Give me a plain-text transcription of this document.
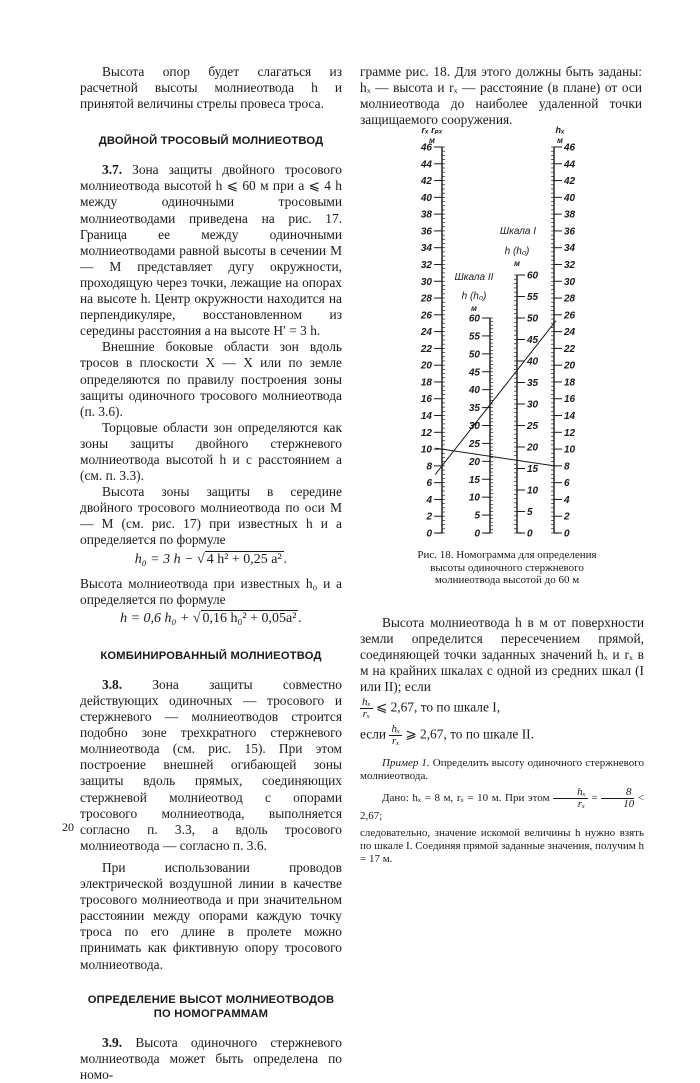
Высота опор будет слагаться из расчетной высоты молниеотвода h и принятой величины стрелы провеса троса.

ДВОЙНОЙ ТРОСОВЫЙ МОЛНИЕОТВОД

3.7. Зона защиты двойного тросового молниеотвода высотой h ⩽ 60 м при a ⩽ 4 h между одиночными тросовыми молниеотводами приведена на рис. 17. Граница ее между одиночными молниеотводами равной высоты в сечении M — M представляет дугу окружности, проходящую через точки, лежащие на опорах на высоте h. Центр окружности находится на перпендикуляре, восстановленном из середины расстояния a на высоте H′ = 3 h.

Внешние боковые области зон вдоль тросов в плоскости X — X или по земле определяются по правилу построения зоны защиты одиночного тросового молниеотвода (п. 3.6).

Торцовые области зон определяются как зоны защиты двойного стержневого молниеотвода высотой h и с расстоянием a (см. п. 3.3).

Высота зоны защиты в середине двойного тросового молниеотвода по оси M — M (см. рис. 17) при известных h и a определяется по формуле

h₀ = 3 h − √ 4 h² + 0,25 a² .

Высота молниеотвода при известных h₀ и a определяется по формуле

h = 0,6 h₀ + √ 0,16 h₀² + 0,05a² .
КОМБИНИРОВАННЫЙ МОЛНИЕОТВОД

3.8. Зона защиты совместно действующих одиночных — тросового и стержневого — молниеотводов строится подобно зоне трехкратного стержневого молниеотвода (см. рис. 15). При этом построение внешней огибающей зоны защиты вдоль прямых, соединяющих стержневой молниеотвод с опорами тросового молниеотвода, выполняется согласно п. 3.3, а вдоль тросового молниеотвода — согласно п. 3.6.

При использовании проводов электрической воздушной линии в качестве тросового молниеотвода и при значительном расстоянии между опорами каждую точку троса по его длине в пролете можно принимать как фиктивную опору тросового молниеотвода.

ОПРЕДЕЛЕНИЕ ВЫСОТ МОЛНИЕОТВОДОВ
ПО НОМОГРАММАМ

3.9. Высота одиночного стержневого молниеотвода может быть определена по номо-

20

грамме рис. 18. Для этого должны быть заданы: hₓ — высота и rₓ — расстояние (в плане) от оси молниеотвода до наиболее удаленной точки защищаемого сооружения.

0
2
4
6
8
10
12
14
16
18
20
22
24
26
28
30
32
34
36
38
40
42
44
46
0
5
10
15
20
25
30
35
40
45
50
55
60
0
5
10
15
20
25
30
35
40
45
50
55
60
0
2
4
6
8
10
12
14
16
18
20
22
24
26
28
30
32
34
36
38
40
42
44
46
rₓ rₚₓ
м
hₓ
м
Шкала I
h (h₀)
м
Шкала II
h (h₀)
м
Рис. 18. Номограмма для определения высоты одиночного стержневого молниеотвода высотой до 60 м

Высота молниеотвода h в м от поверхности земли определится пересечением прямой, соединяющей точки заданных значений hₓ и rₓ в м на крайних шкалах с одной из средних шкал (I или II); если

$\frac{\text{hₓ}}{\text{rₓ}}$ ⩽ 2,67, то по шкале I,

если $\frac{\text{hₓ}}{\text{rₓ}}$ ⩾ 2,67, то по шкале II.

Пример 1. Определить высоту одиночного стержневого молниеотвода.

Дано: hₓ = 8 м, rₓ = 10 м. При этом $\frac{\text{hₓ}}{\text{rₓ}} = \frac{8}{10} < 2,67$;

следовательно, значение искомой величины h нужно взять по шкале I. Соединяя прямой заданные значения, получим h = 17 м.
